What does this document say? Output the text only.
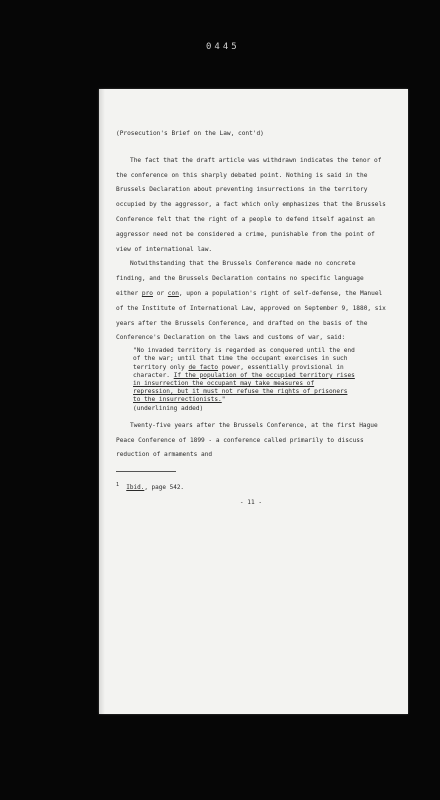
0445

(Prosecution's Brief on the Law, cont'd)

The fact that the draft article was withdrawn indicates the tenor of the conference on this sharply debated point. Nothing is said in the Brussels Declaration about preventing insurrections in the territory occupied by the aggressor, a fact which only emphasizes that the Brussels Conference felt that the right of a people to defend itself against an aggressor need not be considered a crime, punishable from the point of view of international law.

Notwithstanding that the Brussels Conference made no concrete finding, and the Brussels Declaration contains no specific language either pro or con, upon a population's right of self-defense, the Manuel of the Institute of International Law, approved on September 9, 1880, six years after the Brussels Conference, and drafted on the basis of the Conference's Declaration on the laws and customs of war, said:

"No invaded territory is regarded as conquered until the end of the war; until that time the occupant exercises in such territory only de facto power, essentially provisional in character. If the population of the occupied territory rises in insurrection the occupant may take measures of repression, but it must not refuse the rights of prisoners to the insurrectionists."
(underlining added)

Twenty-five years after the Brussels Conference, at the first Hague Peace Conference of 1899 - a conference called primarily to discuss reduction of armaments and

$^1$ Ibid., page 542.

- 11 -
